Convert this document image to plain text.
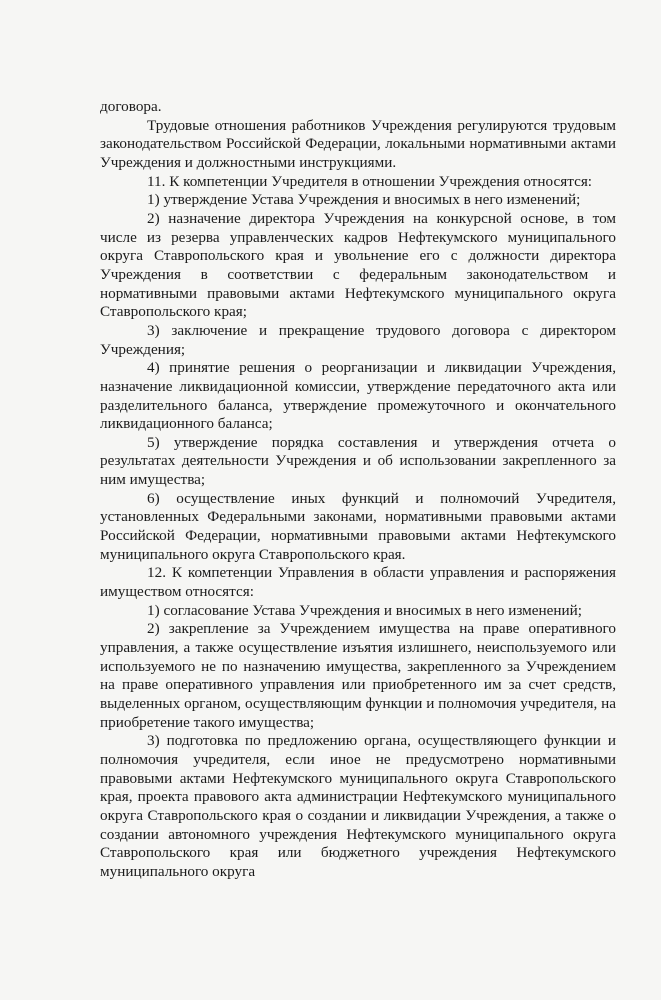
договора.

Трудовые отношения работников Учреждения регулируются трудовым законодательством Российской Федерации, локальными нормативными актами Учреждения и должностными инструкциями.

11. К компетенции Учредителя в отношении Учреждения относятся:

1) утверждение Устава Учреждения и вносимых в него изменений;

2) назначение директора Учреждения на конкурсной основе, в том числе из резерва управленческих кадров Нефтекумского муниципального округа Ставропольского края и увольнение его с должности директора Учреждения в соответствии с федеральным законодательством и нормативными правовыми актами Нефтекумского муниципального округа Ставропольского края;

3) заключение и прекращение трудового договора с директором Учреждения;

4) принятие решения о реорганизации и ликвидации Учреждения, назначение ликвидационной комиссии, утверждение передаточного акта или разделительного баланса, утверждение промежуточного и окончательного ликвидационного баланса;

5) утверждение порядка составления и утверждения отчета о результатах деятельности Учреждения и об использовании закрепленного за ним имущества;

6) осуществление иных функций и полномочий Учредителя, установленных Федеральными законами, нормативными правовыми актами Российской Федерации, нормативными правовыми актами Нефтекумского муниципального округа Ставропольского края.

12. К компетенции Управления в области управления и распоряжения имуществом относятся:

1) согласование Устава Учреждения и вносимых в него изменений;

2) закрепление за Учреждением имущества на праве оперативного управления, а также осуществление изъятия излишнего, неиспользуемого или используемого не по назначению имущества, закрепленного за Учреждением на праве оперативного управления или приобретенного им за счет средств, выделенных органом, осуществляющим функции и полномочия учредителя, на приобретение такого имущества;

3) подготовка по предложению органа, осуществляющего функции и полномочия учредителя, если иное не предусмотрено нормативными правовыми актами Нефтекумского муниципального округа Ставропольского края, проекта правового акта администрации Нефтекумского муниципального округа Ставропольского края о создании и ликвидации Учреждения, а также о создании автономного учреждения Нефтекумского муниципального округа Ставропольского края или бюджетного учреждения Нефтекумского муниципального округа
